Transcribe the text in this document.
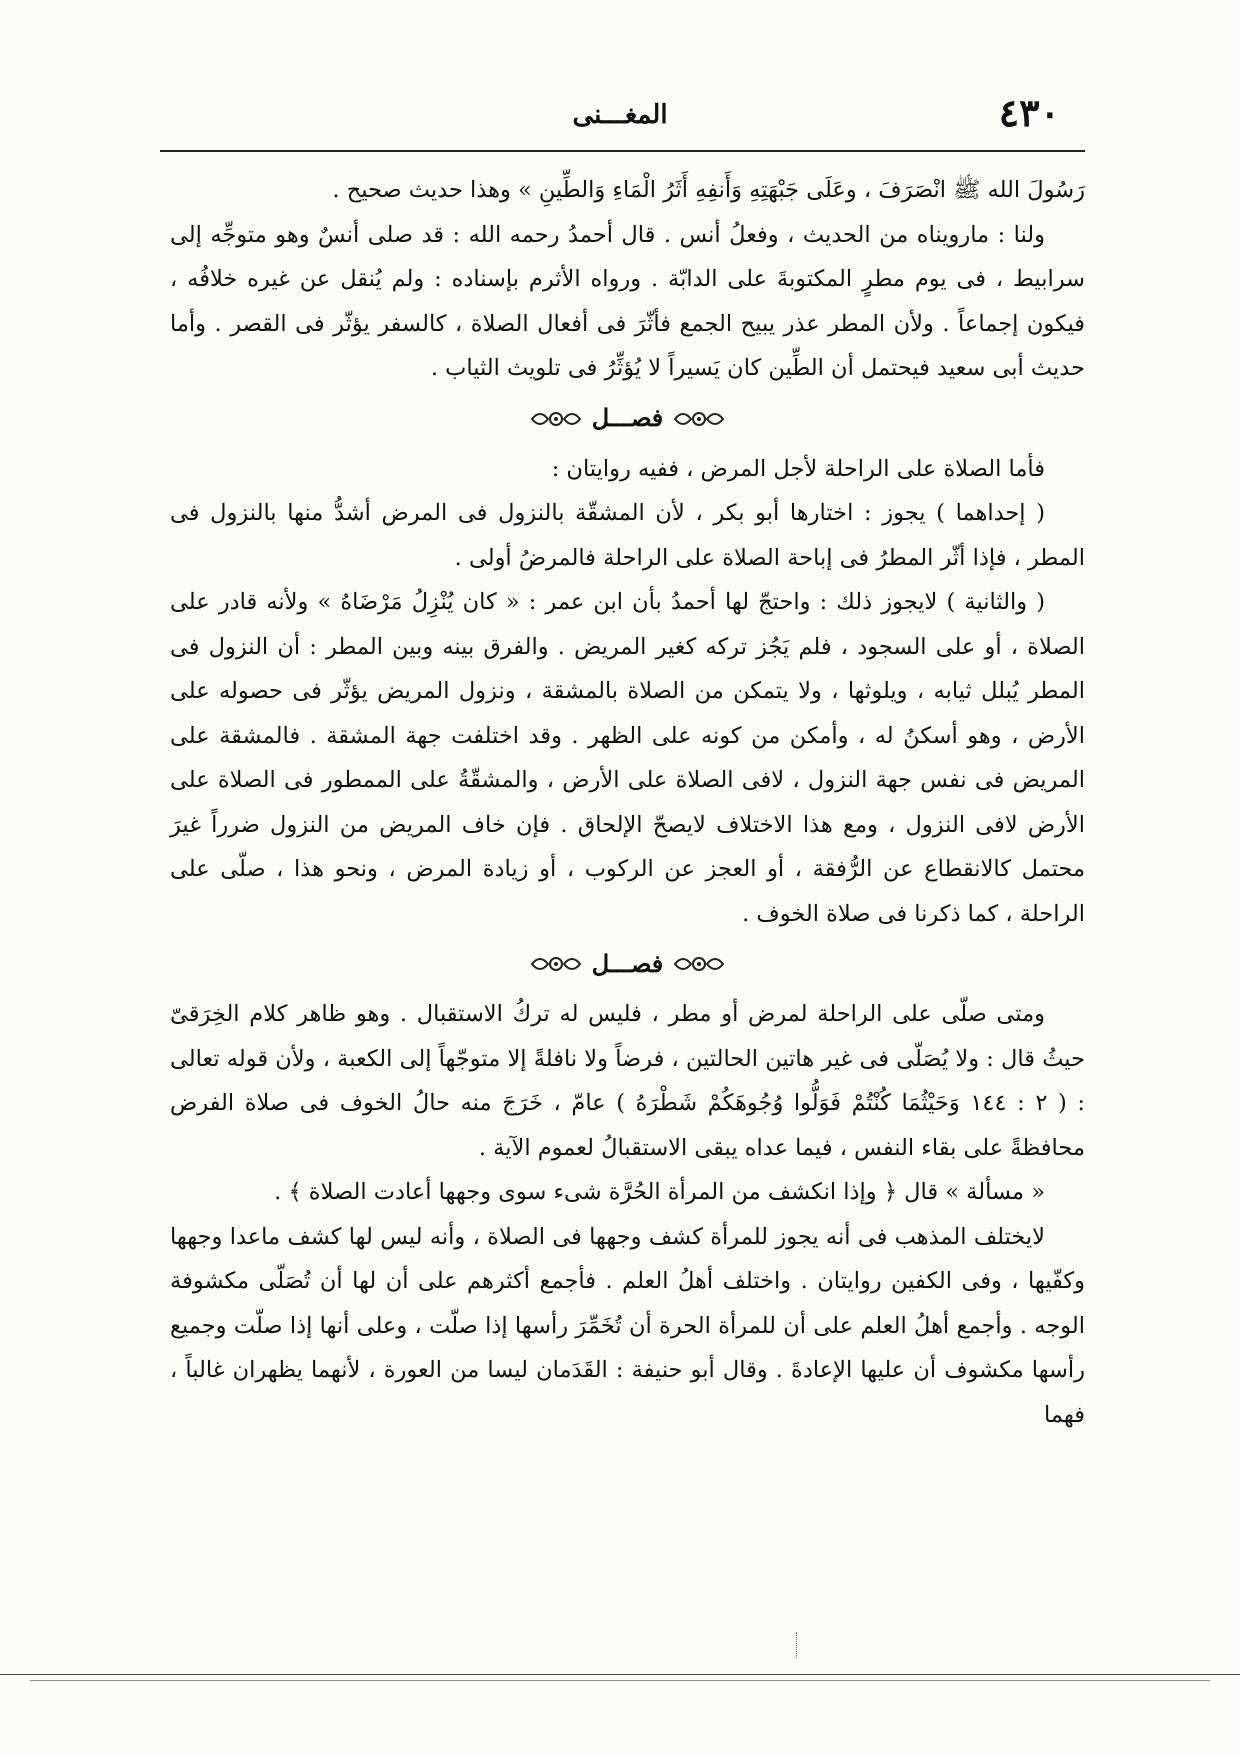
٤٣٠
المغـــنى

رَسُولَ الله ﷺ انْصَرَفَ ، وعَلَى جَبْهَتِهِ وَأَنفِهِ أَثَرُ الْمَاءِ وَالطِّينِ » وهذا حديث صحيح .

ولنا : ماروينا‌ه من الحديث ، وفعلُ أنس . قال أحمدُ رحمه الله : قد صلى أنسٌ وهو متوجِّه إلى سرابيط ، فى يوم مطرٍ المكتوبةَ على الدابّة . ورواه الأثرم بإسناده : ولم يُنقل عن غيره خلافُه ، فيكون إجماعاً . ولأن المطر عذر يبيح الجمع فأثّرَ فى أفعال الصلاة ، كالسفر يؤثّر فى القصر . وأما حديث أبى سعيد فيحتمل أن الطِّين كان يَسيراً لا يُؤثِّرُ فى تلويث الثياب .

فصـــل

فأما الصلاة على الراحلة لأجل المرض ، ففيه روايتان :

( إحداهما ) يجوز : اختارها أبو بكر ، لأن المشقّة بالنزول فى المرض أشدُّ منها بالنزول فى المطر ، فإذا أثّر المطرُ فى إباحة الصلاة على الراحلة فالمرضُ أولى .

( والثانية ) لايجوز ذلك : واحتجّ لها أحمدُ بأن ابن عمر : « كان يُنْزِلُ مَرْضَاهُ » ولأنه قادر على الصلاة ، أو على السجود ، فلم يَجُز تركه كغير المريض . والفرق بينه وبين المطر : أن النزول فى المطر يُبلل ثيابه ، ويلوثها ، ولا يتمكن من الصلاة بالمشقة ، ونزول المريض يؤثّر فى حصوله على الأرض ، وهو أسكنُ له ، وأمكن من كونه على الظهر . وقد اختلفت جهة المشقة . فالمشقة على المريض فى نفس جهة النزول ، لافى الصلاة على الأرض ، والمشقّةُ على الممطور فى الصلاة على الأرض لافى النزول ، ومع هذا الاختلاف لايصحّ الإلحاق . فإن خاف المريض من النزول ضرراً غيرَ محتمل كالانقطاع عن الرُّفقة ، أو العجز عن الركوب ، أو زيادة المرض ، ونحو هذا ، صلّى على الراحلة ، كما ذكرنا فى صلاة الخوف .

فصـــل

ومتى صلّى على الراحلة لمرض أو مطر ، فليس له تركُ الاستقبال . وهو ظاهر كلام الخِرَقىّ حيثُ قال : ولا يُصَلّى فى غير هاتين الحالتين ، فرضاً ولا نافلةً إلا متوجّهاً إلى الكعبة ، ولأن قوله تعالى : ( ٢ : ١٤٤ وَحَيْثُمَا كُنْتُمْ فَوَلُّوا وُجُوهَكُمْ شَطْرَهُ ) عامّ ، خَرَجَ منه حالُ الخوف فى صلاة الفرض محافظةً على بقاء النفس ، فيما عداه يبقى الاستقبالُ لعموم الآية .

« مسألة » قال ﴿ وإذا انكشف من المرأة الحُرَّة شىء سوى وجهها أعادت الصلاة ﴾ .

لايختلف المذهب فى أنه يجوز للمرأة كشف وجهها فى الصلاة ، وأنه ليس لها كشف ماعدا وجهها وكفّيها ، وفى الكفين روايتان . واختلف أهلُ العلم . فأجمع أكثرهم على أن لها أن تُصَلّى مكشوفة الوجه . وأجمع أهلُ العلم على أن للمرأة الحرة أن تُخَمِّرَ رأسها إذا صلّت ، وعلى أنها إذا صلّت وجميع رأسها مكشوف أن عليها الإعادةَ . وقال أبو حنيفة : القَدَمان ليسا من العورة ، لأنهما يظهران غالباً ، فهما
